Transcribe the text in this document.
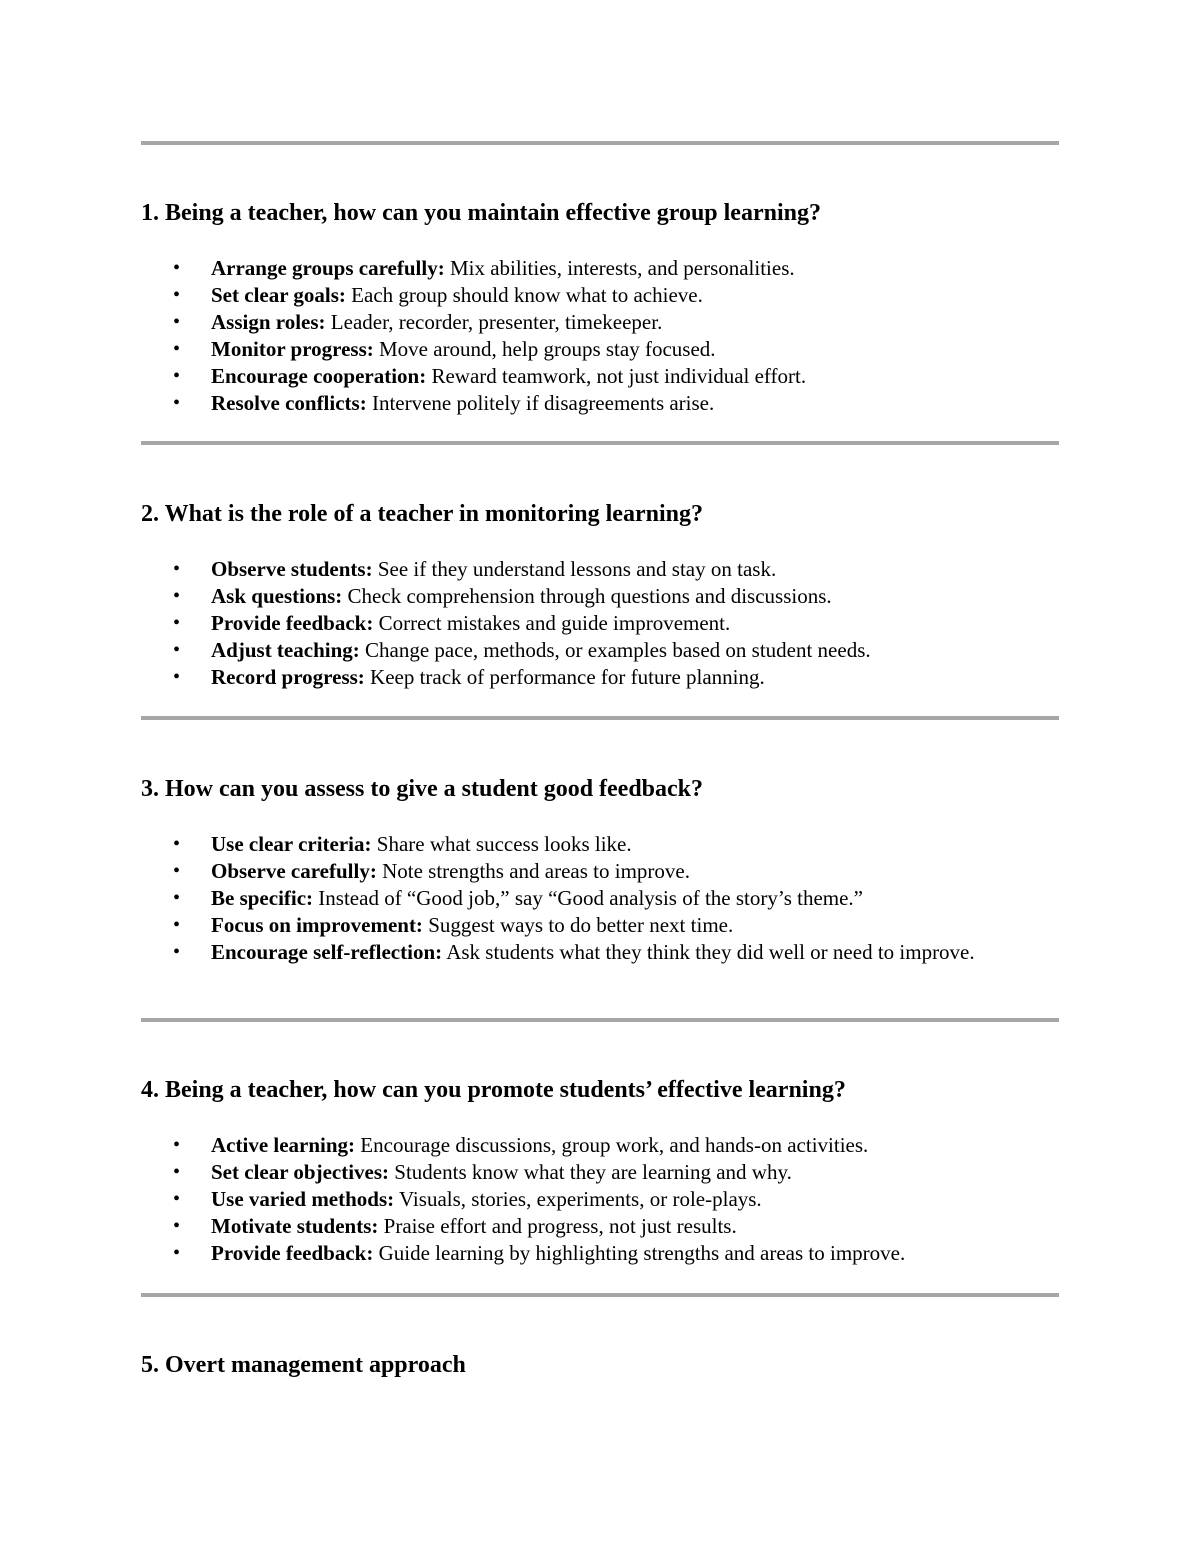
1. Being a teacher, how can you maintain effective group learning?
• Arrange groups carefully: Mix abilities, interests, and personalities.
• Set clear goals: Each group should know what to achieve.
• Assign roles: Leader, recorder, presenter, timekeeper.
• Monitor progress: Move around, help groups stay focused.
• Encourage cooperation: Reward teamwork, not just individual effort.
• Resolve conflicts: Intervene politely if disagreements arise.
2. What is the role of a teacher in monitoring learning?
• Observe students: See if they understand lessons and stay on task.
• Ask questions: Check comprehension through questions and discussions.
• Provide feedback: Correct mistakes and guide improvement.
• Adjust teaching: Change pace, methods, or examples based on student needs.
• Record progress: Keep track of performance for future planning.
3. How can you assess to give a student good feedback?
• Use clear criteria: Share what success looks like.
• Observe carefully: Note strengths and areas to improve.
• Be specific: Instead of “Good job,” say “Good analysis of the story’s theme.”
• Focus on improvement: Suggest ways to do better next time.
• Encourage self-reflection: Ask students what they think they did well or need to improve.
4. Being a teacher, how can you promote students’ effective learning?
• Active learning: Encourage discussions, group work, and hands-on activities.
• Set clear objectives: Students know what they are learning and why.
• Use varied methods: Visuals, stories, experiments, or role-plays.
• Motivate students: Praise effort and progress, not just results.
• Provide feedback: Guide learning by highlighting strengths and areas to improve.
5. Overt management approach
